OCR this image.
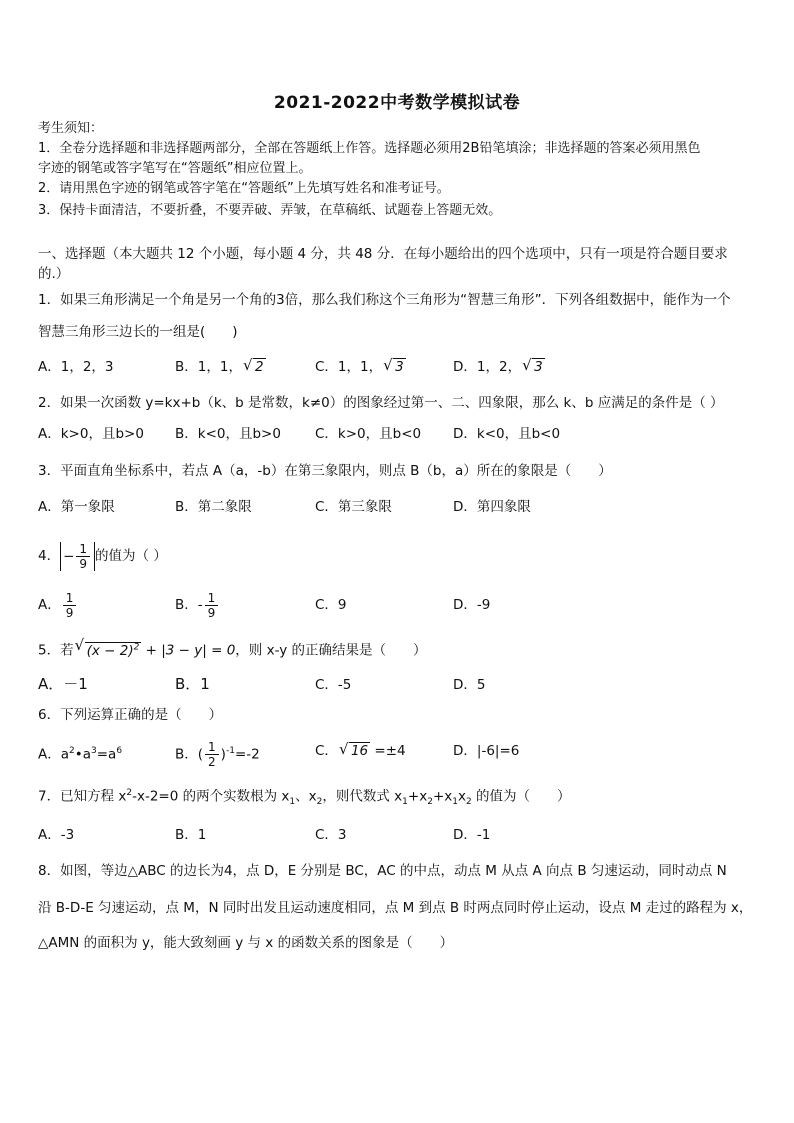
2021-2022中考数学模拟试卷
考生须知：
1．全卷分选择题和非选择题两部分，全部在答题纸上作答。选择题必须用2B铅笔填涂；非选择题的答案必须用黑色
字迹的钢笔或答字笔写在“答题纸”相应位置上。
2．请用黑色字迹的钢笔或答字笔在“答题纸”上先填写姓名和准考证号。
3．保持卡面清洁，不要折叠，不要弄破、弄皱，在草稿纸、试题卷上答题无效。
一、选择题（本大题共 12 个小题，每小题 4 分，共 48 分．在每小题给出的四个选项中，只有一项是符合题目要求
的.）
1．如果三角形满足一个角是另一个角的3倍，那么我们称这个三角形为“智慧三角形”．下列各组数据中，能作为一个
智慧三角形三边长的一组是(　　)
A．1，2，3	B．1，1， √ 2	C．1，1， √ 3	D．1，2， √ 3
2．如果一次函数 y=kx+b（k、b 是常数，k≠0）的图象经过第一、二、四象限，那么 k、b 应满足的条件是（ ）
A．k>0，且b>0 B．k<0，且b>0	C．k>0，且b<0 D．k<0，且b<0
3．平面直角坐标系中，若点 A（a，-b）在第三象限内，则点 B（b，a）所在的象限是（　　）
A．第一象限	B．第二象限	C．第三象限	D．第四象限
4． − $\frac{1}{9}$ 的值为（ ）
A． $\frac{1}{9}$	B．- $\frac{1}{9}$	C．9	D．-9
5．若 √ $(x - 2)^2 + |3 - y| = 0$，则 x-y 的正确结果是（　　）
A．－1	B．1	C．-5	D．5
6．下列运算正确的是（　　）
A．$a^2•a^3=a^6$	B．( $\frac{1}{2} )^{-1}=-2$	C． √ 16 =±4	D．|-6|=6
7．已知方程 $x^2-x-2=0$ 的两个实数根为 $x_1$、$x_2$，则代数式 $x_1+x_2+x_1x_2$ 的值为（　　）
A．-3	B．1	C．3	D．-1
8．如图，等边△ABC 的边长为4，点 D，E 分别是 BC，AC 的中点，动点 M 从点 A 向点 B 匀速运动，同时动点 N
沿 B-D-E 匀速运动，点 M，N 同时出发且运动速度相同，点 M 到点 B 时两点同时停止运动，设点 M 走过的路程为 x，
△AMN 的面积为 y，能大致刻画 y 与 x 的函数关系的图象是（　　）
